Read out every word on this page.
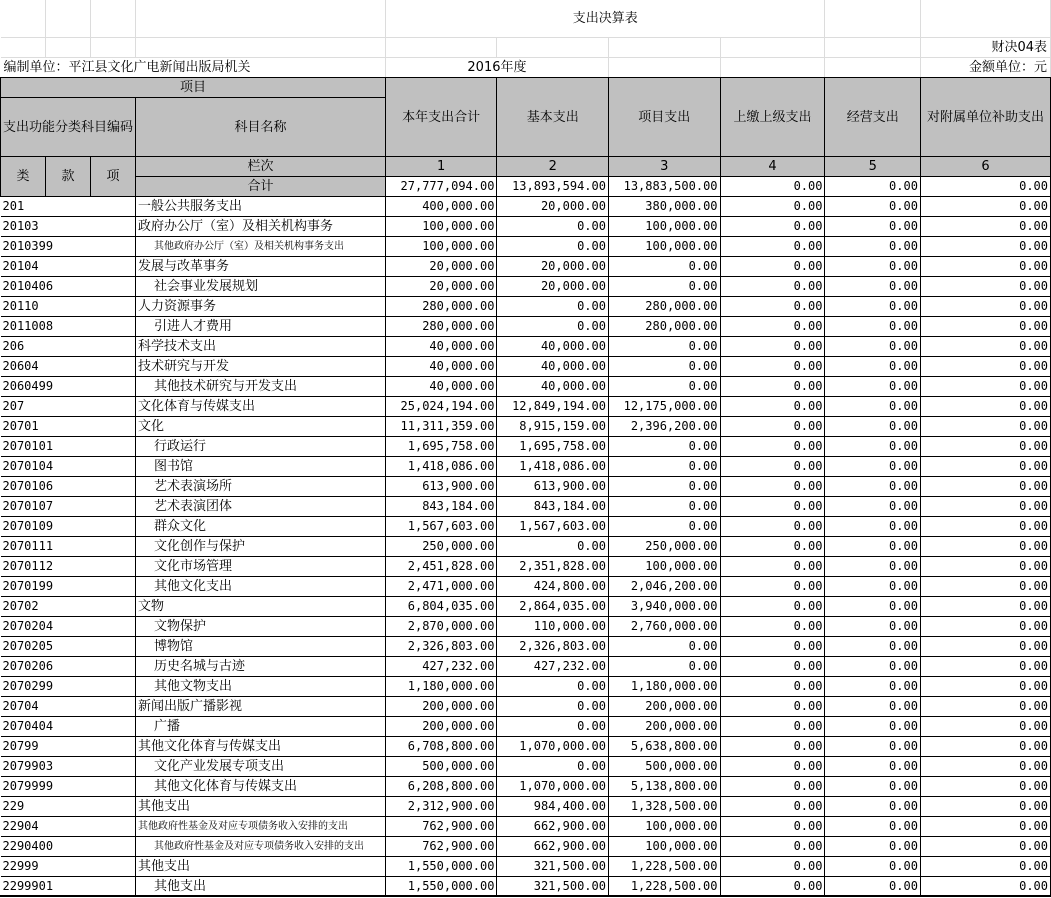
				支出决算表					
									财决04表
编制单位：平江县文化广电新闻出版局机关				2016年度					金额单位：元
项目				本年支出合计	基本支出	项目支出	上缴上级支出	经营支出	对附属单位补助支出
支出功能分类科目编码			科目名称						

类	款	项	栏次	1	2	3	4	5	6
			合计	27,777,094.00	13,893,594.00	13,883,500.00	0.00	0.00	0.00
201			一般公共服务支出	400,000.00	20,000.00	380,000.00	0.00	0.00	0.00
20103			政府办公厅（室）及相关机构事务	100,000.00	0.00	100,000.00	0.00	0.00	0.00
2010399			其他政府办公厅（室）及相关机构事务支出	100,000.00	0.00	100,000.00	0.00	0.00	0.00
20104			发展与改革事务	20,000.00	20,000.00	0.00	0.00	0.00	0.00
2010406			社会事业发展规划	20,000.00	20,000.00	0.00	0.00	0.00	0.00
20110			人力资源事务	280,000.00	0.00	280,000.00	0.00	0.00	0.00
2011008			引进人才费用	280,000.00	0.00	280,000.00	0.00	0.00	0.00
206			科学技术支出	40,000.00	40,000.00	0.00	0.00	0.00	0.00
20604			技术研究与开发	40,000.00	40,000.00	0.00	0.00	0.00	0.00
2060499			其他技术研究与开发支出	40,000.00	40,000.00	0.00	0.00	0.00	0.00
207			文化体育与传媒支出	25,024,194.00	12,849,194.00	12,175,000.00	0.00	0.00	0.00
20701			文化	11,311,359.00	8,915,159.00	2,396,200.00	0.00	0.00	0.00
2070101			行政运行	1,695,758.00	1,695,758.00	0.00	0.00	0.00	0.00
2070104			图书馆	1,418,086.00	1,418,086.00	0.00	0.00	0.00	0.00
2070106			艺术表演场所	613,900.00	613,900.00	0.00	0.00	0.00	0.00
2070107			艺术表演团体	843,184.00	843,184.00	0.00	0.00	0.00	0.00
2070109			群众文化	1,567,603.00	1,567,603.00	0.00	0.00	0.00	0.00
2070111			文化创作与保护	250,000.00	0.00	250,000.00	0.00	0.00	0.00
2070112			文化市场管理	2,451,828.00	2,351,828.00	100,000.00	0.00	0.00	0.00
2070199			其他文化支出	2,471,000.00	424,800.00	2,046,200.00	0.00	0.00	0.00
20702			文物	6,804,035.00	2,864,035.00	3,940,000.00	0.00	0.00	0.00
2070204			文物保护	2,870,000.00	110,000.00	2,760,000.00	0.00	0.00	0.00
2070205			博物馆	2,326,803.00	2,326,803.00	0.00	0.00	0.00	0.00
2070206			历史名城与古迹	427,232.00	427,232.00	0.00	0.00	0.00	0.00
2070299			其他文物支出	1,180,000.00	0.00	1,180,000.00	0.00	0.00	0.00
20704			新闻出版广播影视	200,000.00	0.00	200,000.00	0.00	0.00	0.00
2070404			广播	200,000.00	0.00	200,000.00	0.00	0.00	0.00
20799			其他文化体育与传媒支出	6,708,800.00	1,070,000.00	5,638,800.00	0.00	0.00	0.00
2079903			文化产业发展专项支出	500,000.00	0.00	500,000.00	0.00	0.00	0.00
2079999			其他文化体育与传媒支出	6,208,800.00	1,070,000.00	5,138,800.00	0.00	0.00	0.00
229			其他支出	2,312,900.00	984,400.00	1,328,500.00	0.00	0.00	0.00
22904			其他政府性基金及对应专项债务收入安排的支出	762,900.00	662,900.00	100,000.00	0.00	0.00	0.00
2290400			其他政府性基金及对应专项债务收入安排的支出	762,900.00	662,900.00	100,000.00	0.00	0.00	0.00
22999			其他支出	1,550,000.00	321,500.00	1,228,500.00	0.00	0.00	0.00
2299901			其他支出	1,550,000.00	321,500.00	1,228,500.00	0.00	0.00	0.00
